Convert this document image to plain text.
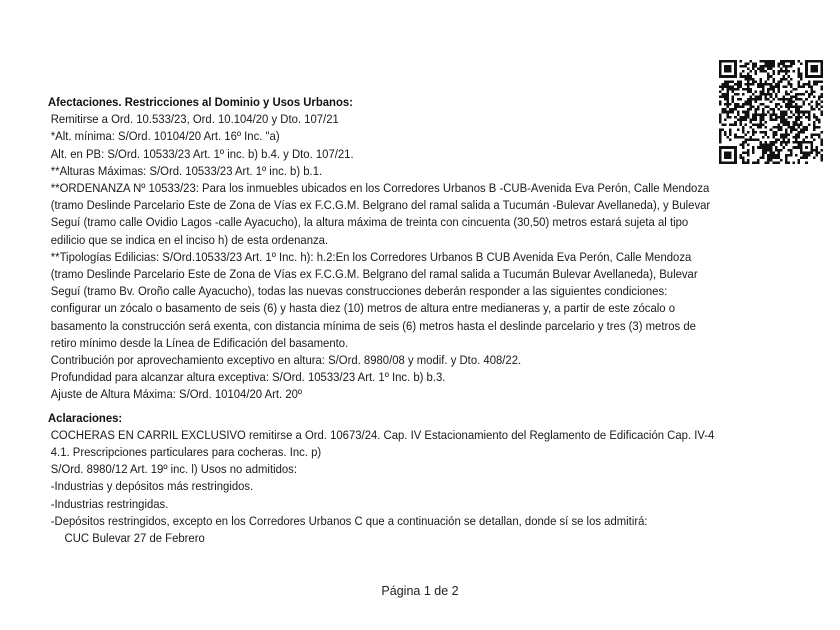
Afectaciones. Restricciones al Dominio y Usos Urbanos:

Remitirse a Ord. 10.533/23, Ord. 10.104/20 y Dto. 107/21

*Alt. mínima: S/Ord. 10104/20 Art. 16º Inc. "a)

Alt. en PB: S/Ord. 10533/23 Art. 1º inc. b) b.4. y Dto. 107/21.

**Alturas Máximas: S/Ord. 10533/23 Art. 1º inc. b) b.1.

**ORDENANZA Nº 10533/23: Para los inmuebles ubicados en los Corredores Urbanos B -CUB-Avenida Eva Perón, Calle Mendoza

(tramo Deslinde Parcelario Este de Zona de Vías ex F.C.G.M. Belgrano del ramal salida a Tucumán -Bulevar Avellaneda), y Bulevar

Seguí (tramo calle Ovidio Lagos -calle Ayacucho), la altura máxima de treinta con cincuenta (30,50) metros estará sujeta al tipo

edilicio que se indica en el inciso h) de esta ordenanza.

**Tipologías Edilicias: S/Ord.10533/23 Art. 1º Inc. h): h.2:En los Corredores Urbanos B CUB Avenida Eva Perón, Calle Mendoza

(tramo Deslinde Parcelario Este de Zona de Vías ex F.C.G.M. Belgrano del ramal salida a Tucumán Bulevar Avellaneda), Bulevar

Seguí (tramo Bv. Oroño calle Ayacucho), todas las nuevas construcciones deberán responder a las siguientes condiciones:

configurar un zócalo o basamento de seis (6) y hasta diez (10) metros de altura entre medianeras y, a partir de este zócalo o

basamento la construcción será exenta, con distancia mínima de seis (6) metros hasta el deslinde parcelario y tres (3) metros de

retiro mínimo desde la Línea de Edificación del basamento.

Contribución por aprovechamiento exceptivo en altura: S/Ord. 8980/08 y modif. y Dto. 408/22.

Profundidad para alcanzar altura exceptiva: S/Ord. 10533/23 Art. 1º Inc. b) b.3.

Ajuste de Altura Máxima: S/Ord. 10104/20 Art. 20º

Aclaraciones:

COCHERAS EN CARRIL EXCLUSIVO remitirse a Ord. 10673/24. Cap. IV Estacionamiento del Reglamento de Edificación Cap. IV-4

4.1. Prescripciones particulares para cocheras. Inc. p)

S/Ord. 8980/12 Art. 19º inc. l) Usos no admitidos:

-Industrias y depósitos más restringidos.

-Industrias restringidas.

-Depósitos restringidos, excepto en los Corredores Urbanos C que a continuación se detallan, donde sí se los admitirá:

CUC Bulevar 27 de Febrero

Página 1 de 2
